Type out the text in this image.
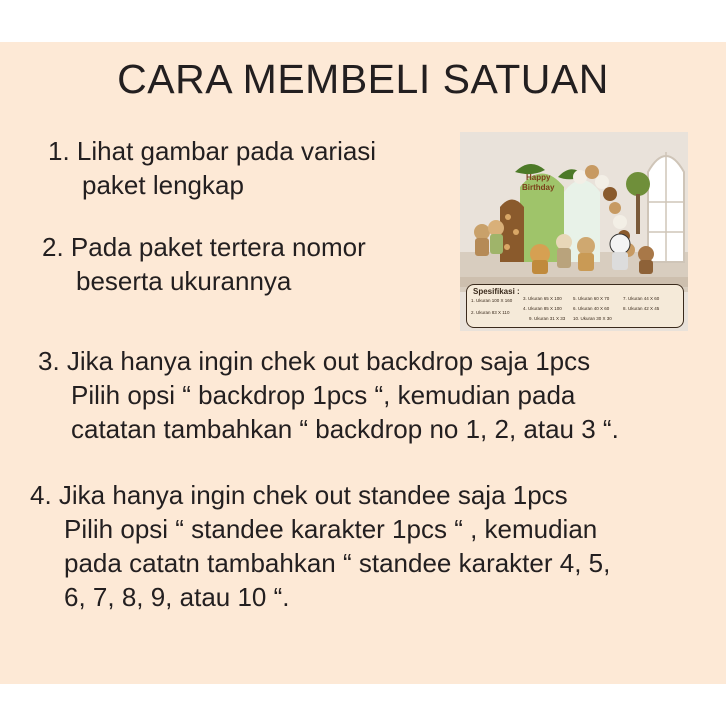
CARA MEMBELI SATUAN
1. Lihat gambar pada variasi
paket lengkap
2. Pada paket tertera nomor
beserta ukurannya
3. Jika hanya ingin chek out backdrop saja 1pcs
Pilih opsi “ backdrop 1pcs “, kemudian pada
catatan tambahkan “ backdrop no 1, 2, atau 3 “.
4. Jika hanya ingin chek out standee saja 1pcs
Pilih opsi “ standee karakter 1pcs “ , kemudian
pada catatn tambahkan “ standee karakter 4, 5,
6, 7, 8, 9, atau 10 “.
Happy
Birthday
Spesifikasi :
1. Ukuran 100 X 160
2. Ukuran 83 X 110
3. Ukuran 65 X 100
4. Ukuran 85 X 100
9. Ukuran 31 X 33
5. Ukuran 60 X 70
6. Ukuran 40 X 60
10. Ukuran 30 X 30
7. Ukuran 44 X 60
8. Ukuran 42 X 45
